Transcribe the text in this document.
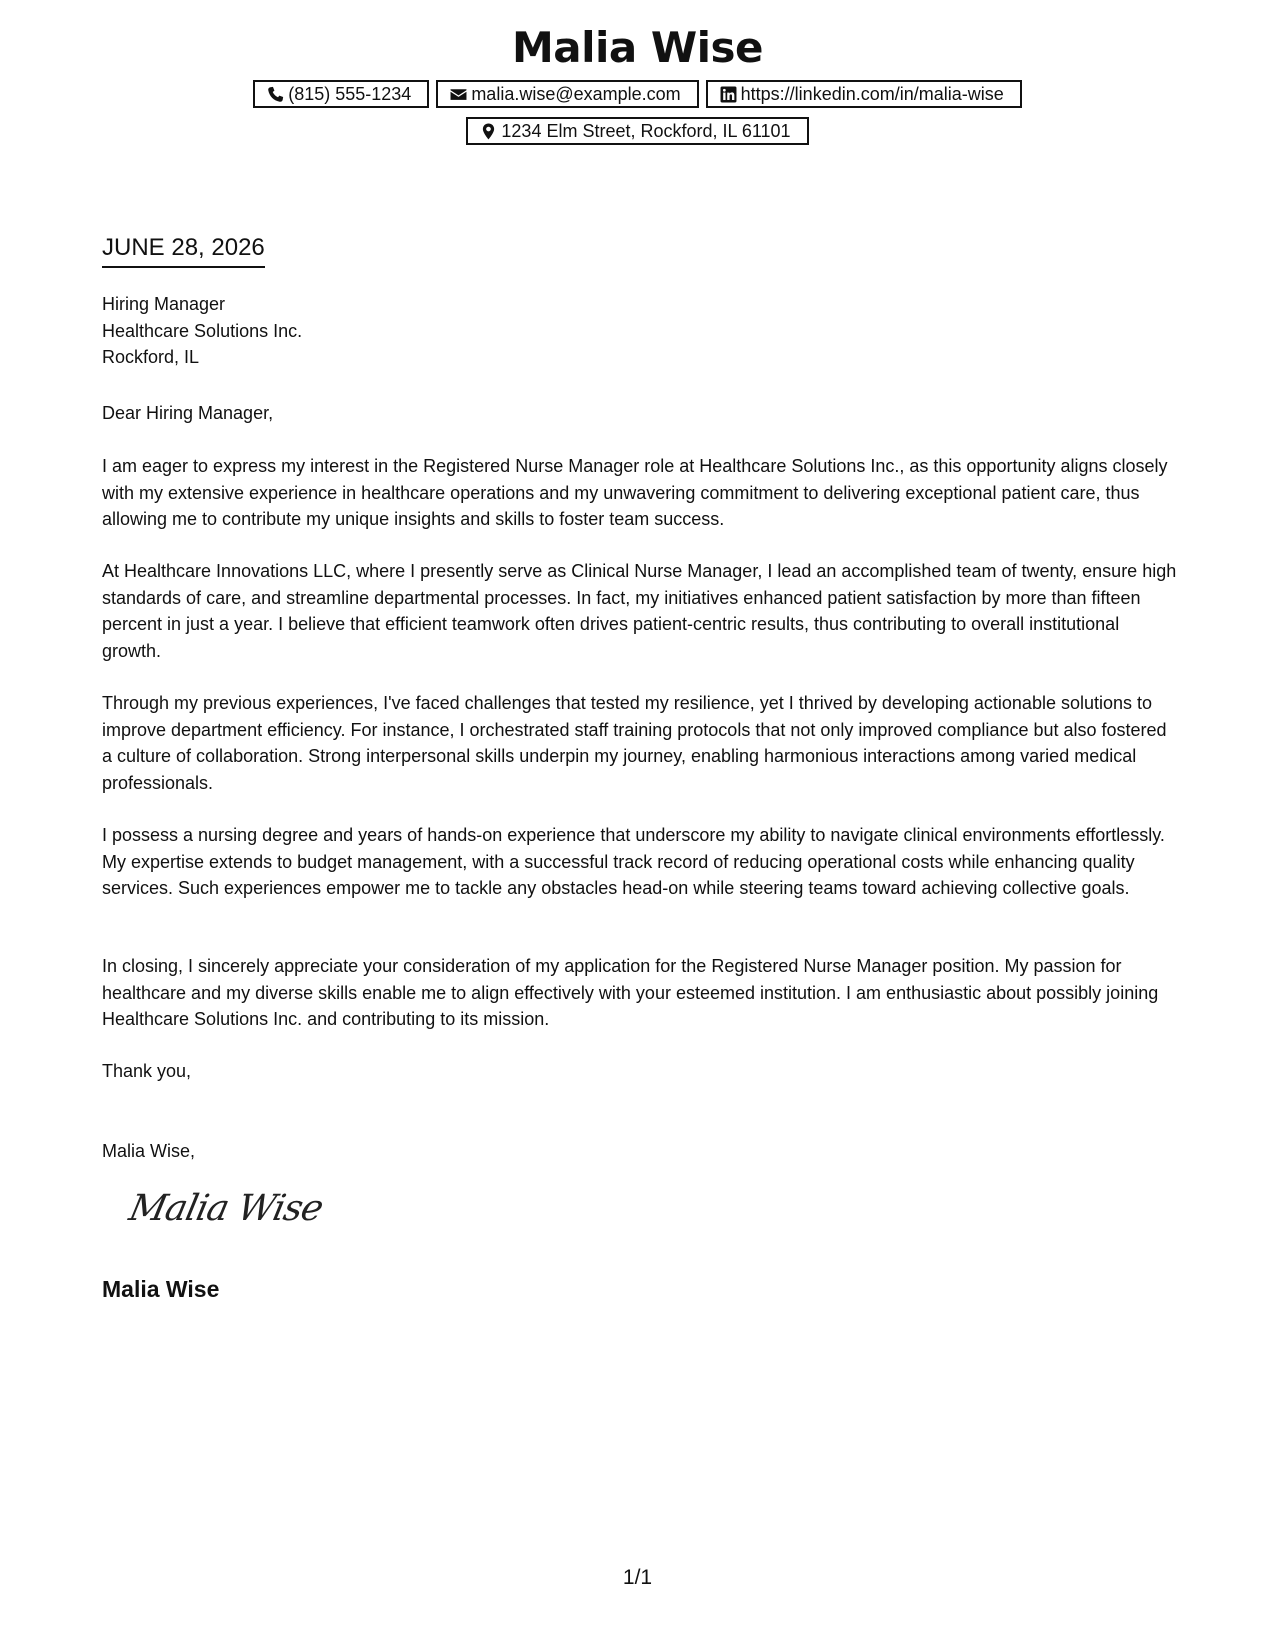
Malia Wise
(815) 555-1234	malia.wise@example.com	https://linkedin.com/in/malia-wise
1234 Elm Street, Rockford, IL 61101
JUNE 28, 2026

Hiring Manager

Healthcare Solutions Inc.

Rockford, IL

Dear Hiring Manager,
I am eager to express my interest in the Registered Nurse Manager role at Healthcare Solutions Inc., as this opportunity aligns closely with my extensive experience in healthcare operations and my unwavering commitment to delivering exceptional patient care, thus allowing me to contribute my unique insights and skills to foster team success.
At Healthcare Innovations LLC, where I presently serve as Clinical Nurse Manager, I lead an accomplished team of twenty, ensure high standards of care, and streamline departmental processes. In fact, my initiatives enhanced patient satisfaction by more than fifteen percent in just a year. I believe that efficient teamwork often drives patient-centric results, thus contributing to overall institutional growth.
Through my previous experiences, I've faced challenges that tested my resilience, yet I thrived by developing actionable solutions to improve department efficiency. For instance, I orchestrated staff training protocols that not only improved compliance but also fostered a culture of collaboration. Strong interpersonal skills underpin my journey, enabling harmonious interactions among varied medical professionals.
I possess a nursing degree and years of hands-on experience that underscore my ability to navigate clinical environments effortlessly. My expertise extends to budget management, with a successful track record of reducing operational costs while enhancing quality services. Such experiences empower me to tackle any obstacles head-on while steering teams toward achieving collective goals.
In closing, I sincerely appreciate your consideration of my application for the Registered Nurse Manager position. My passion for healthcare and my diverse skills enable me to align effectively with your esteemed institution. I am enthusiastic about possibly joining Healthcare Solutions Inc. and contributing to its mission.
Thank you,
Malia Wise,
Malia Wise
Malia Wise
1/1
